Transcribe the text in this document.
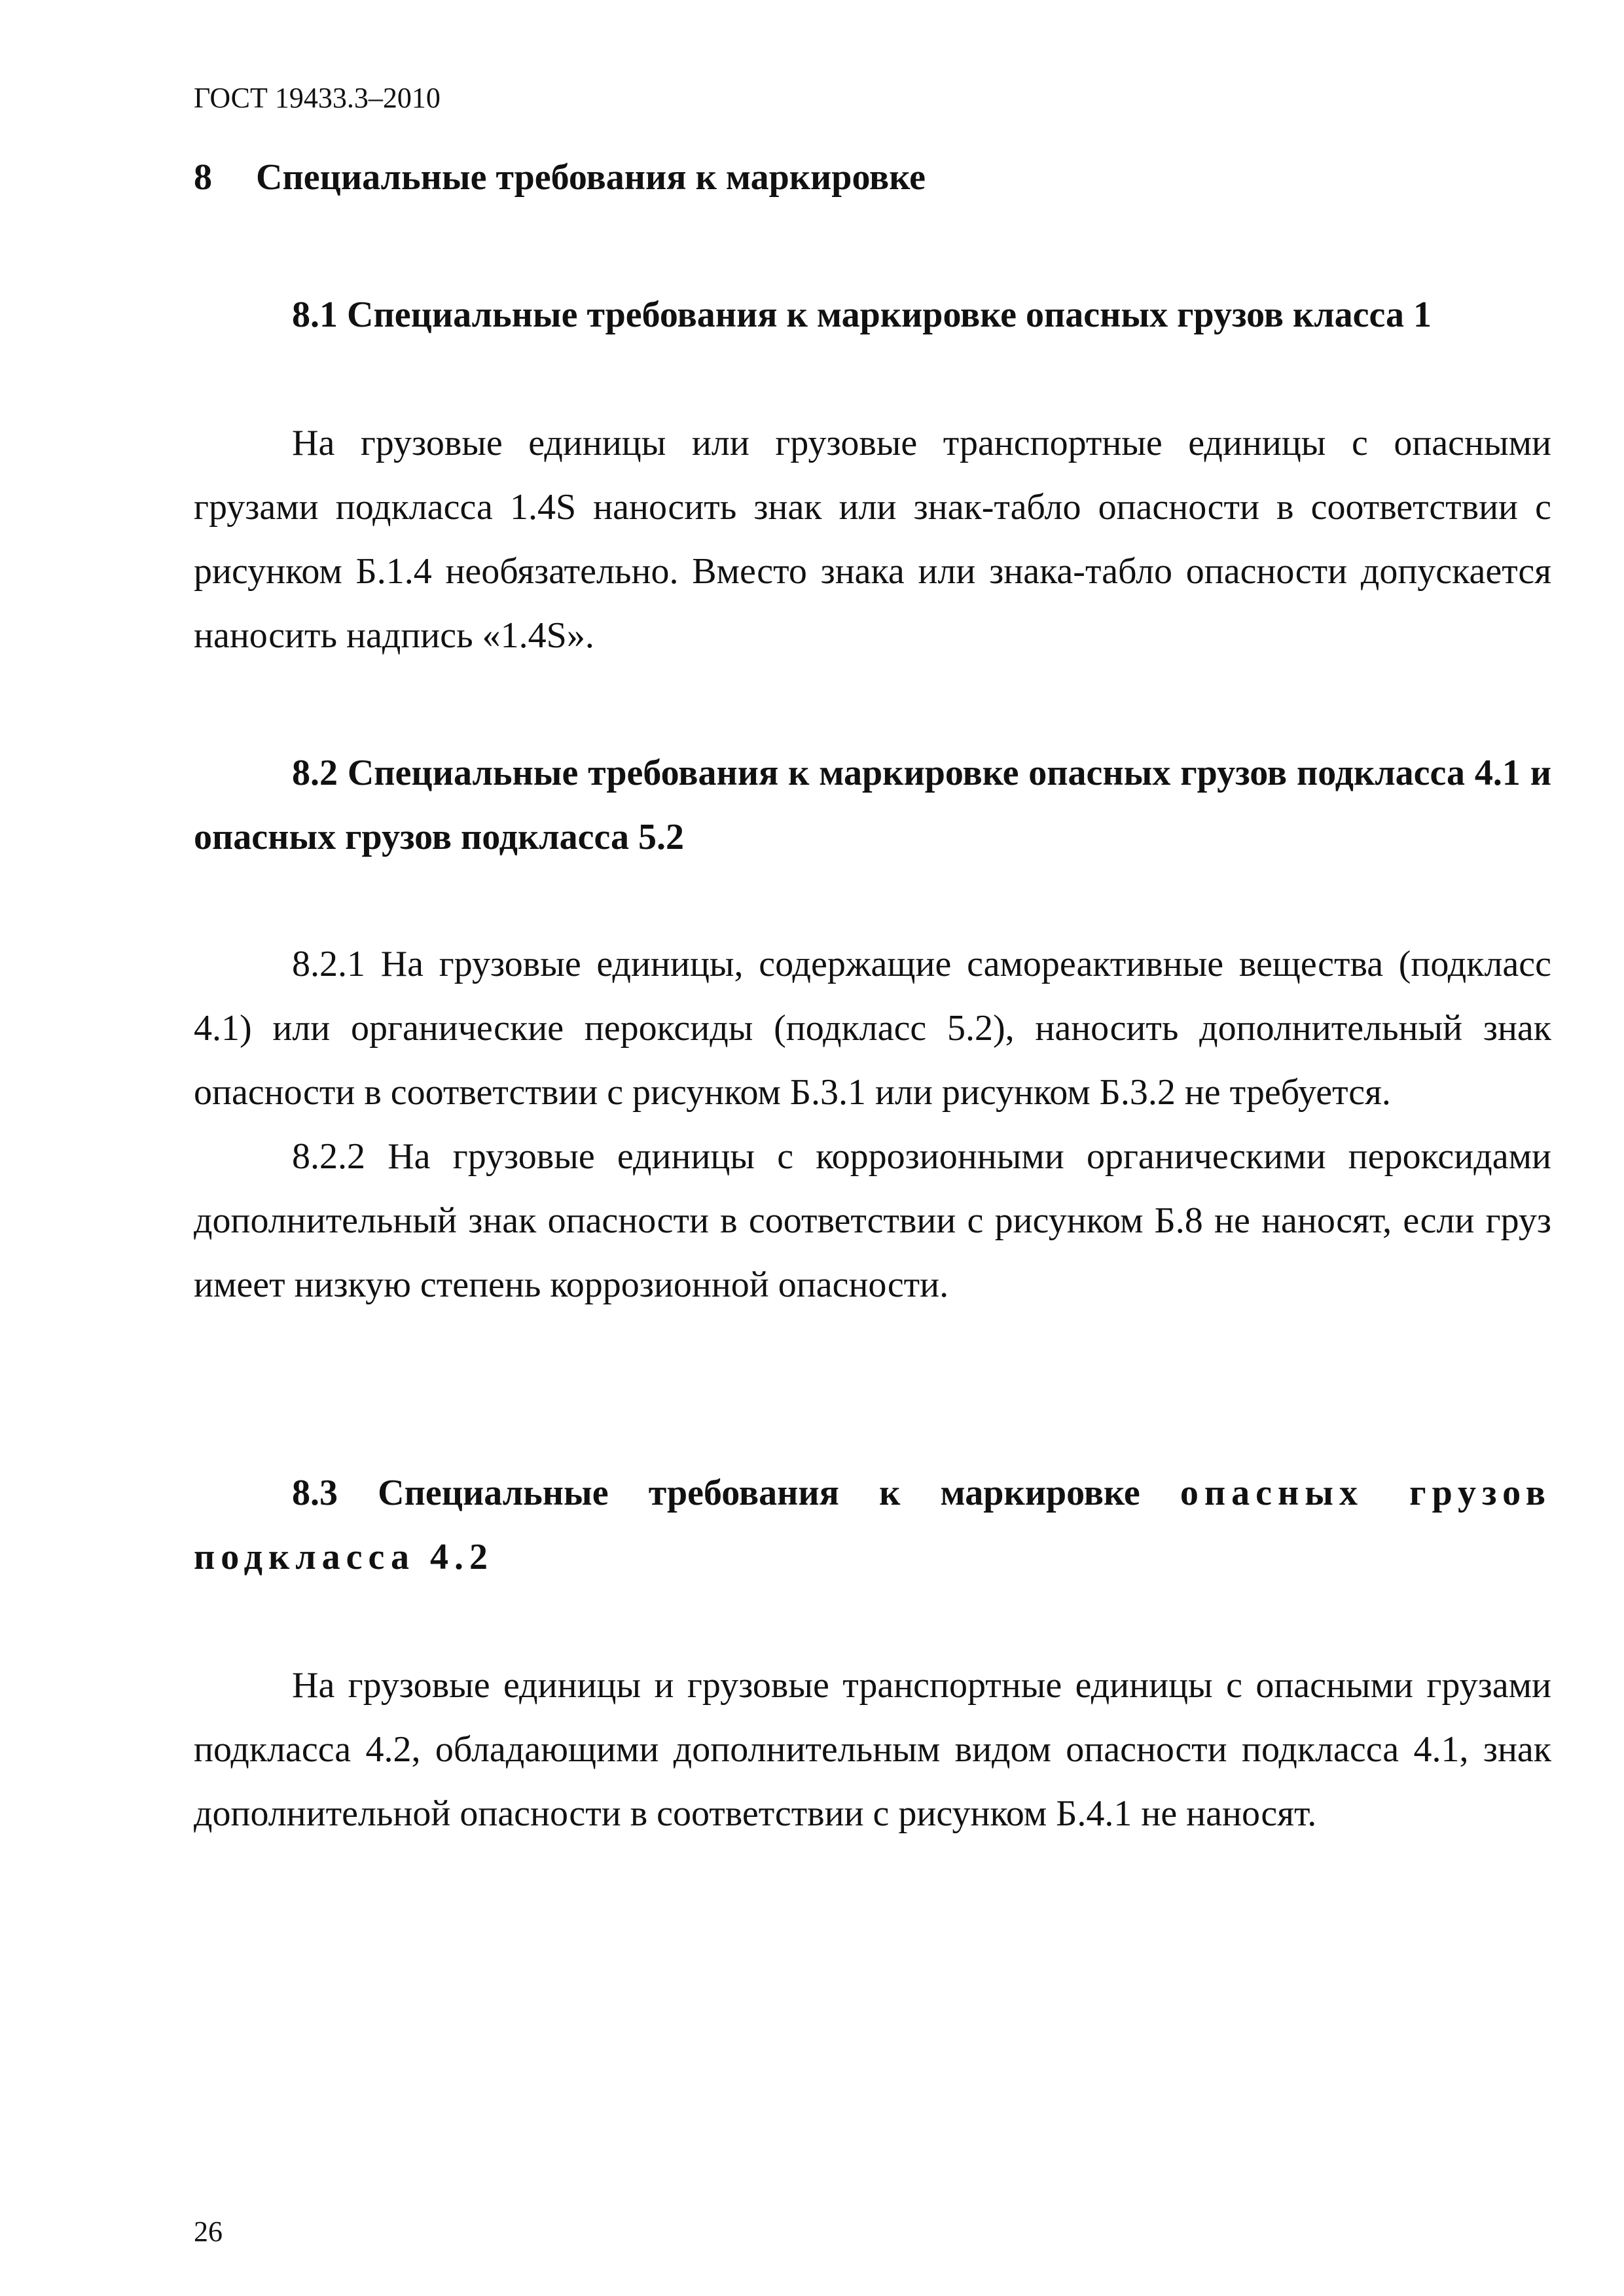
ГОСТ 19433.3–2010
8 Специальные требования к маркировке

8.1 Специальные требования к маркировке опасных грузов класса 1

На грузовые единицы или грузовые транспортные единицы с опасными грузами подкласса 1.4S наносить знак или знак-табло опасности в соответствии с рисунком Б.1.4 необязательно. Вместо знака или знака-табло опасности допускается наносить надпись «1.4S».

8.2 Специальные требования к маркировке опасных грузов подкласса 4.1 и опасных грузов подкласса 5.2

8.2.1 На грузовые единицы, содержащие самореактивные вещества (подкласс 4.1) или органические пероксиды (подкласс 5.2), наносить дополнительный знак опасности в соответствии с рисунком Б.3.1 или рисунком Б.3.2 не требуется.

8.2.2 На грузовые единицы с коррозионными органическими пероксидами дополнительный знак опасности в соответствии с рисунком Б.8 не наносят, если груз имеет низкую степень коррозионной опасности.

8.3 Специальные требования к маркировке опасных грузов подкласса 4.2

На грузовые единицы и грузовые транспортные единицы с опасными грузами подкласса 4.2, обладающими дополнительным видом опасности подкласса 4.1, знак дополнительной опасности в соответствии с рисунком Б.4.1 не наносят.

26
